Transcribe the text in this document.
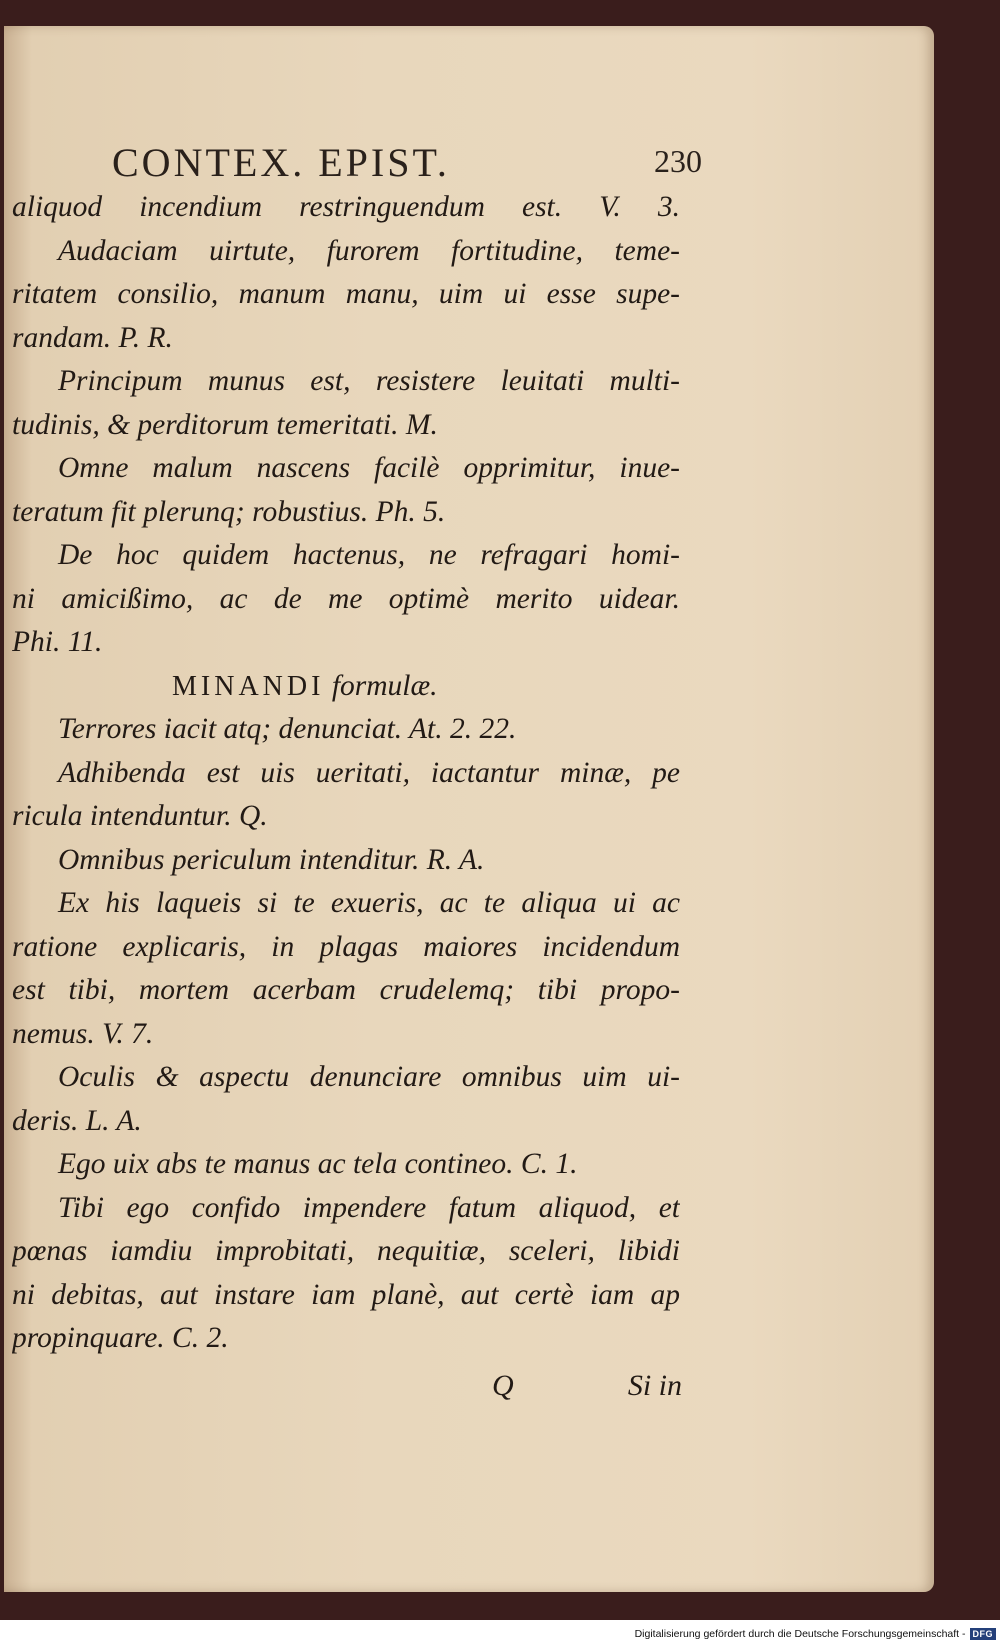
CONTEX. EPIST.	230
aliquod incendium restringuendum est. V. 3.
Audaciam uirtute, furorem fortitudine, teme-
ritatem consilio, manum manu, uim ui esse supe-
randam. P. R.
Principum munus est, resistere leuitati multi-
tudinis, & perditorum temeritati. M.
Omne malum nascens facilè opprimitur, inue-
teratum fit plerunq; robustius. Ph. 5.
De hoc quidem hactenus, ne refragari homi-
ni amicißimo, ac de me optimè merito uidear.
Phi. 11.
MINANDI formulæ.
Terrores iacit atq; denunciat. At. 2. 22.
Adhibenda est uis ueritati, iactantur minæ, pe
ricula intenduntur. Q.
Omnibus periculum intenditur. R. A.
Ex his laqueis si te exueris, ac te aliqua ui ac
ratione explicaris, in plagas maiores incidendum
est tibi, mortem acerbam crudelemq; tibi propo-
nemus. V. 7.
Oculis & aspectu denunciare omnibus uim ui-
deris. L. A.
Ego uix abs te manus ac tela contineo. C. 1.
Tibi ego confido impendere fatum aliquod, et
pœnas iamdiu improbitati, nequitiæ, sceleri, libidi
ni debitas, aut instare iam planè, aut certè iam ap
propinquare. C. 2.
Q	Si in
Digitalisierung gefördert durch die Deutsche Forschungsgemeinschaft - DFG
